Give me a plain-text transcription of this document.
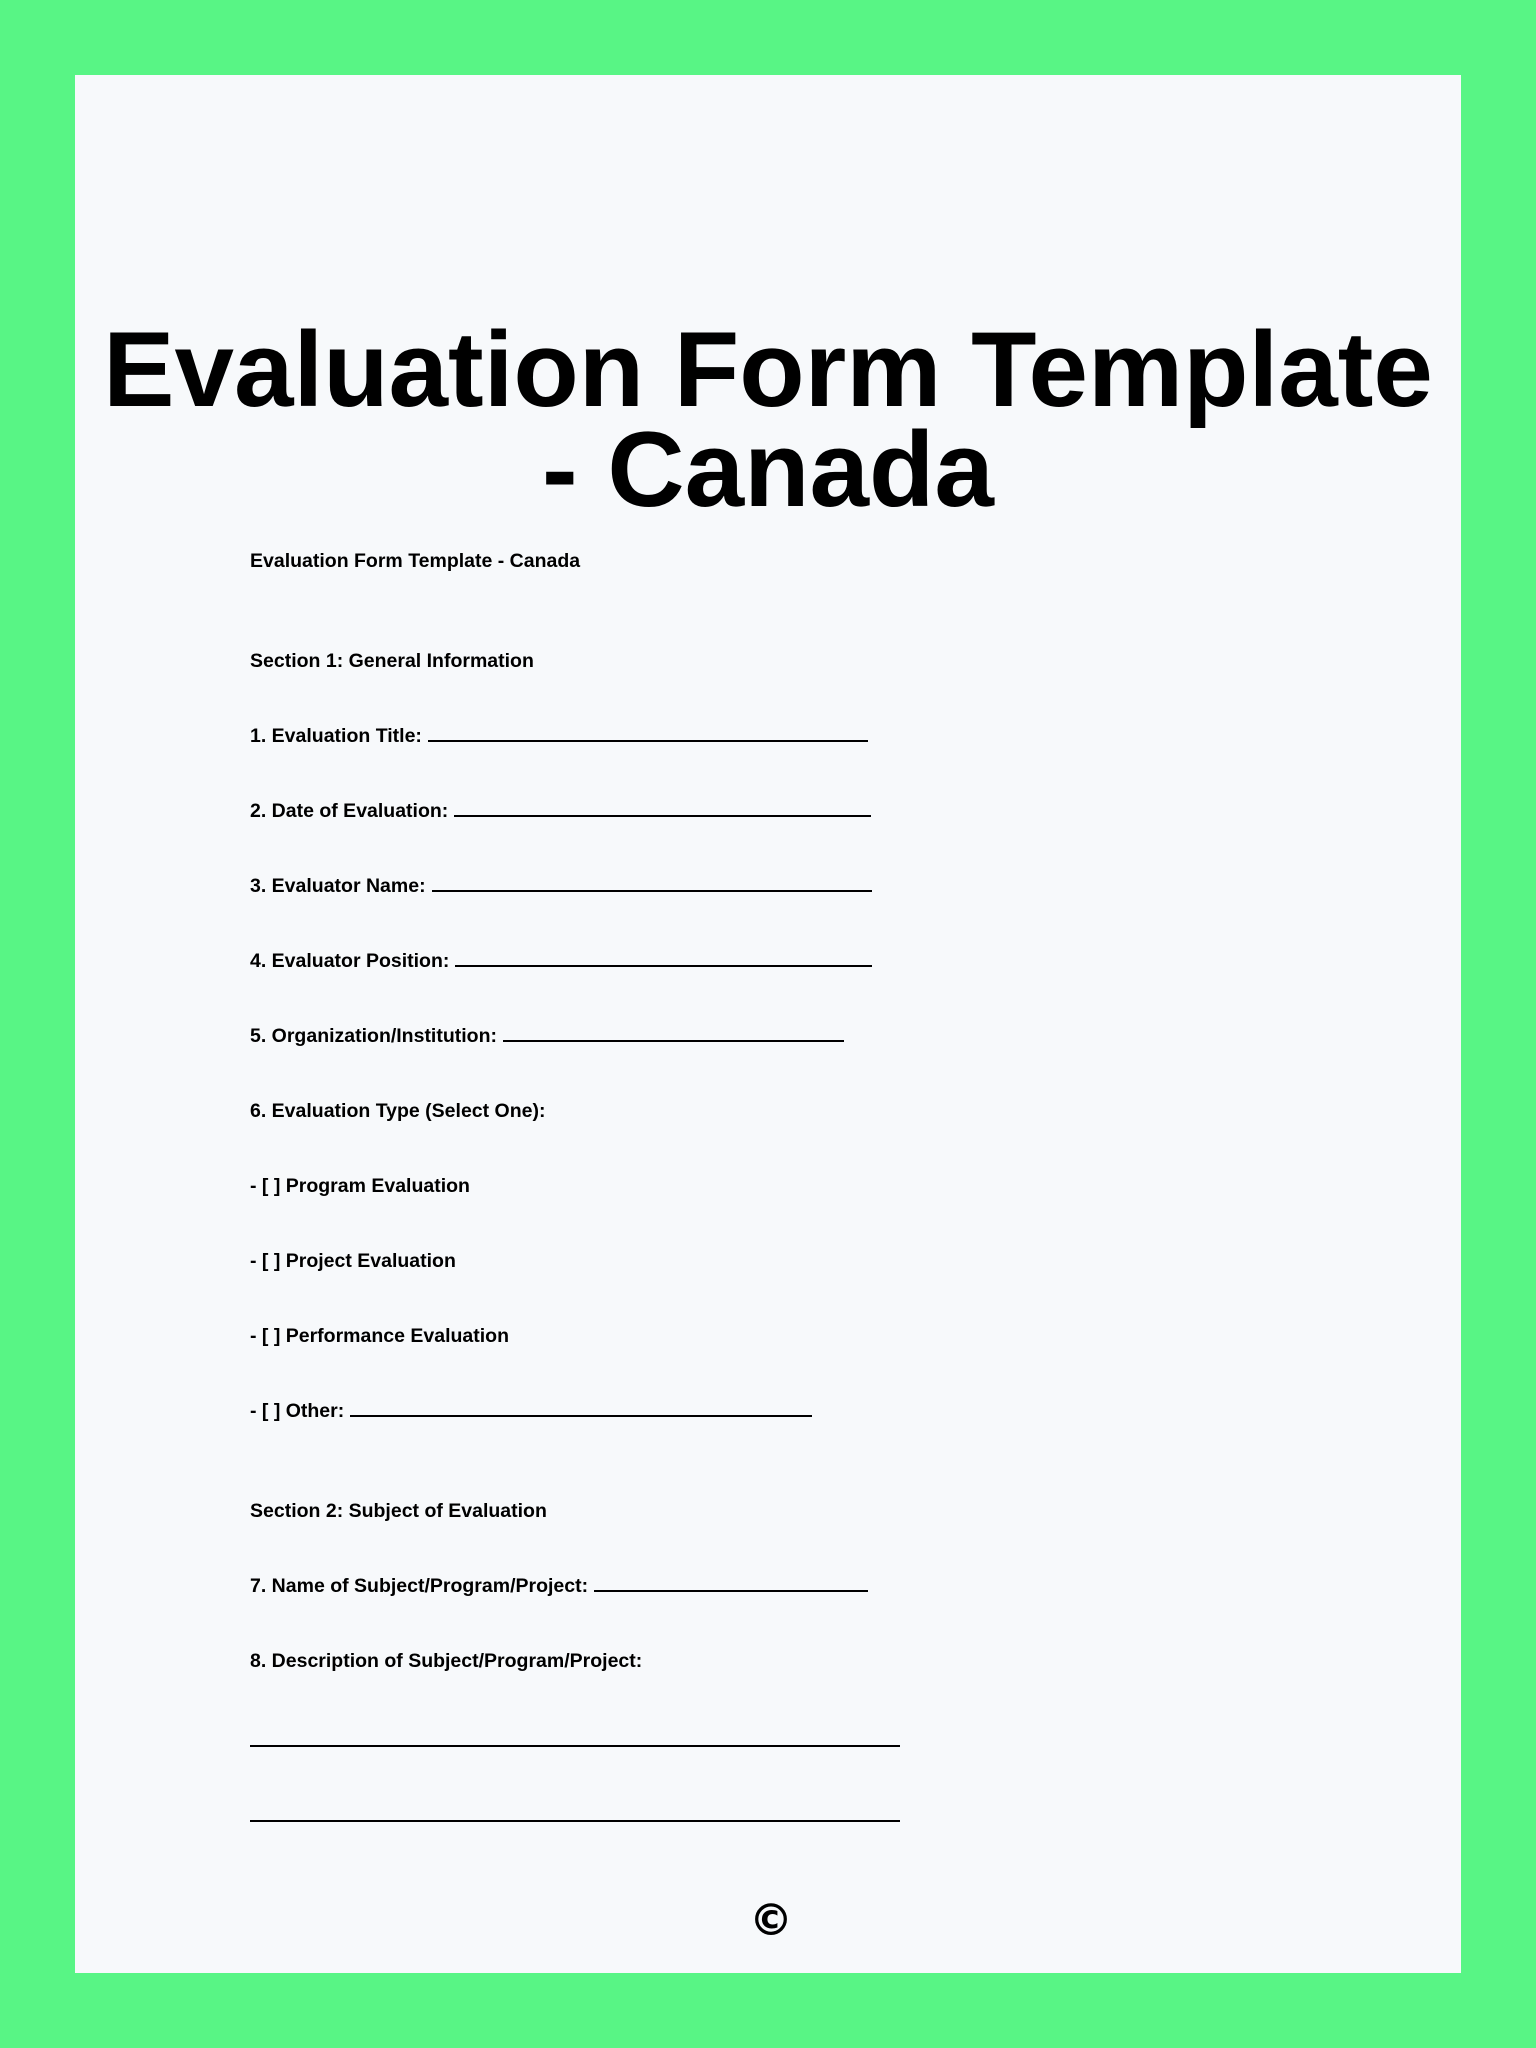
Evaluation Form Template - Canada
Evaluation Form Template - Canada
Section 1: General Information
1. Evaluation Title:
2. Date of Evaluation:
3. Evaluator Name:
4. Evaluator Position:
5. Organization/Institution:
6. Evaluation Type (Select One):
- [ ] Program Evaluation
- [ ] Project Evaluation
- [ ] Performance Evaluation
- [ ] Other:
Section 2: Subject of Evaluation
7. Name of Subject/Program/Project:
8. Description of Subject/Program/Project:
©
